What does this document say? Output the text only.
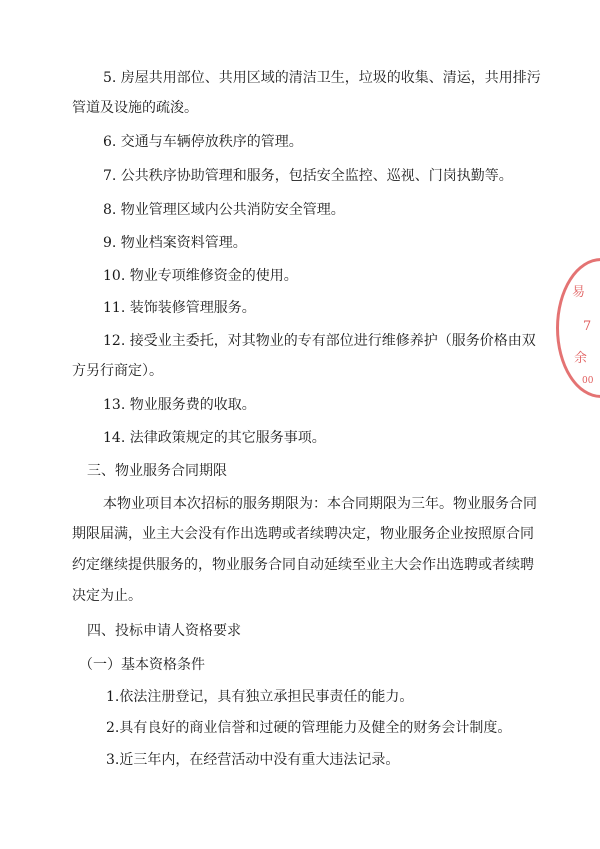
5. 房屋共用部位、共用区域的清洁卫生，垃圾的收集、清运，共用排污
管道及设施的疏浚。
6. 交通与车辆停放秩序的管理。
7. 公共秩序协助管理和服务，包括安全监控、巡视、门岗执勤等。
8. 物业管理区域内公共消防安全管理。
9. 物业档案资料管理。
10. 物业专项维修资金的使用。
11. 装饰装修管理服务。
12. 接受业主委托，对其物业的专有部位进行维修养护（服务价格由双
方另行商定）。
13. 物业服务费的收取。
14. 法律政策规定的其它服务事项。
三、物业服务合同期限
本物业项目本次招标的服务期限为：本合同期限为三年。物业服务合同
期限届满，业主大会没有作出选聘或者续聘决定，物业服务企业按照原合同
约定继续提供服务的，物业服务合同自动延续至业主大会作出选聘或者续聘
决定为止。
四、投标申请人资格要求
（一）基本资格条件
1.依法注册登记，具有独立承担民事责任的能力。
2.具有良好的商业信誉和过硬的管理能力及健全的财务会计制度。
3.近三年内，在经营活动中没有重大违法记录。
易
7
余
00
